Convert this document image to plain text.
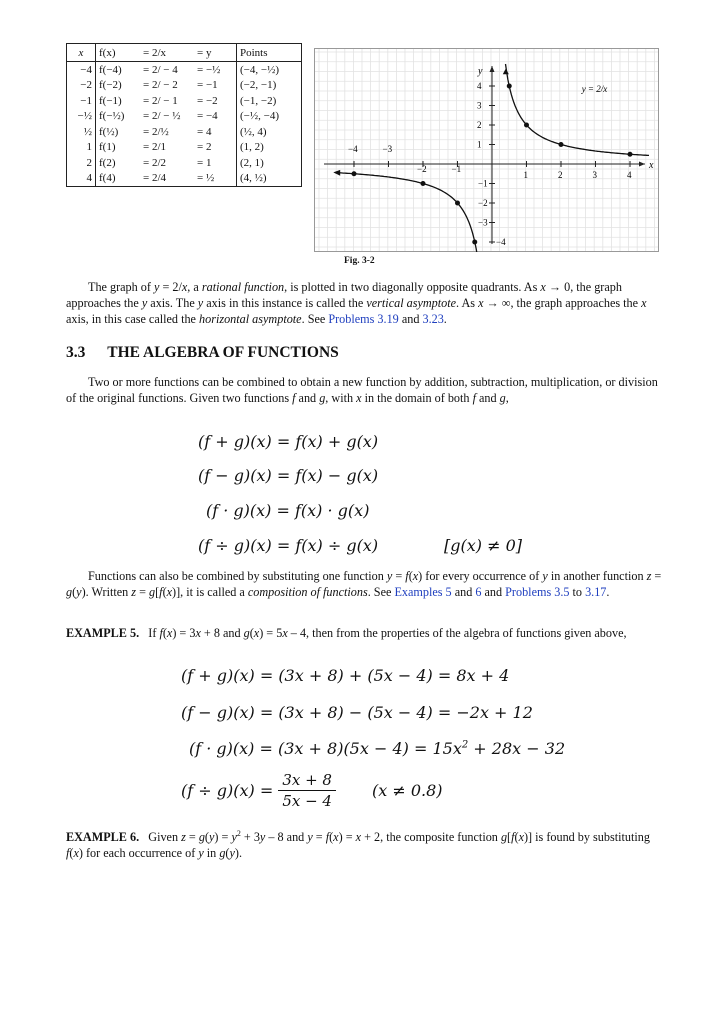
x	f(x)	= 2/x	= y	Points
−4	f(−4)	= 2/ − 4	= −½	(−4, −½)
−2	f(−2)	= 2/ − 2	= −1	(−2, −1)
−1	f(−1)	= 2/ − 1	= −2	(−1, −2)
−½	f(−½)	= 2/ − ½	= −4	(−½, −4)
½	f(½)	= 2/½	= 4	(½, 4)
1	f(1)	= 2/1	= 2	(1, 2)
2	f(2)	= 2/2	= 1	(2, 1)
4	f(4)	= 2/4	= ½	(4, ½)
x
y
−4	−3
−2	−1
1	2	3	4
4
3
2
1
−1
−2
−3
−4
y = 2/x
Fig. 3-2
The graph of y = 2/x, a rational function, is plotted in two diagonally opposite quadrants. As x → 0, the graph approaches the y axis. The y axis in this instance is called the vertical asymptote. As x → ∞, the graph approaches the x axis, in this case called the horizontal asymptote. See Problems 3.19 and 3.23.
3.3 THE ALGEBRA OF FUNCTIONS
Two or more functions can be combined to obtain a new function by addition, subtraction, multiplication, or division of the original functions. Given two functions f and g, with x in the domain of both f and g,
(f + g)(x) = f(x) + g(x)
(f − g)(x) = f(x) − g(x)
(f · g)(x) = f(x) · g(x)
(f ÷ g)(x) = f(x) ÷ g(x)	[g(x) ≠ 0]
Functions can also be combined by substituting one function y = f(x) for every occurrence of y in another function z = g(y). Written z = g[f(x)], it is called a composition of functions. See Examples 5 and 6 and Problems 3.5 to 3.17.
EXAMPLE 5.   If f(x) = 3x + 8 and g(x) = 5x – 4, then from the properties of the algebra of functions given above,
(f + g)(x) = (3x + 8) + (5x − 4) = 8x + 4
(f − g)(x) = (3x + 8) − (5x − 4) = −2x + 12
$(f \cdot g)(x) = (3x + 8)(5x - 4) = 15x^2 + 28x - 32$
$(f \div g)(x) = \frac{3x + 8}{5x - 4} (x \ne 0.8)$
EXAMPLE 6.   Given $z = g(y) = y^2 + 3y - 8$ and y = f(x) = x + 2, the composite function g[f(x)] is found by substituting f(x) for each occurrence of y in g(y).
